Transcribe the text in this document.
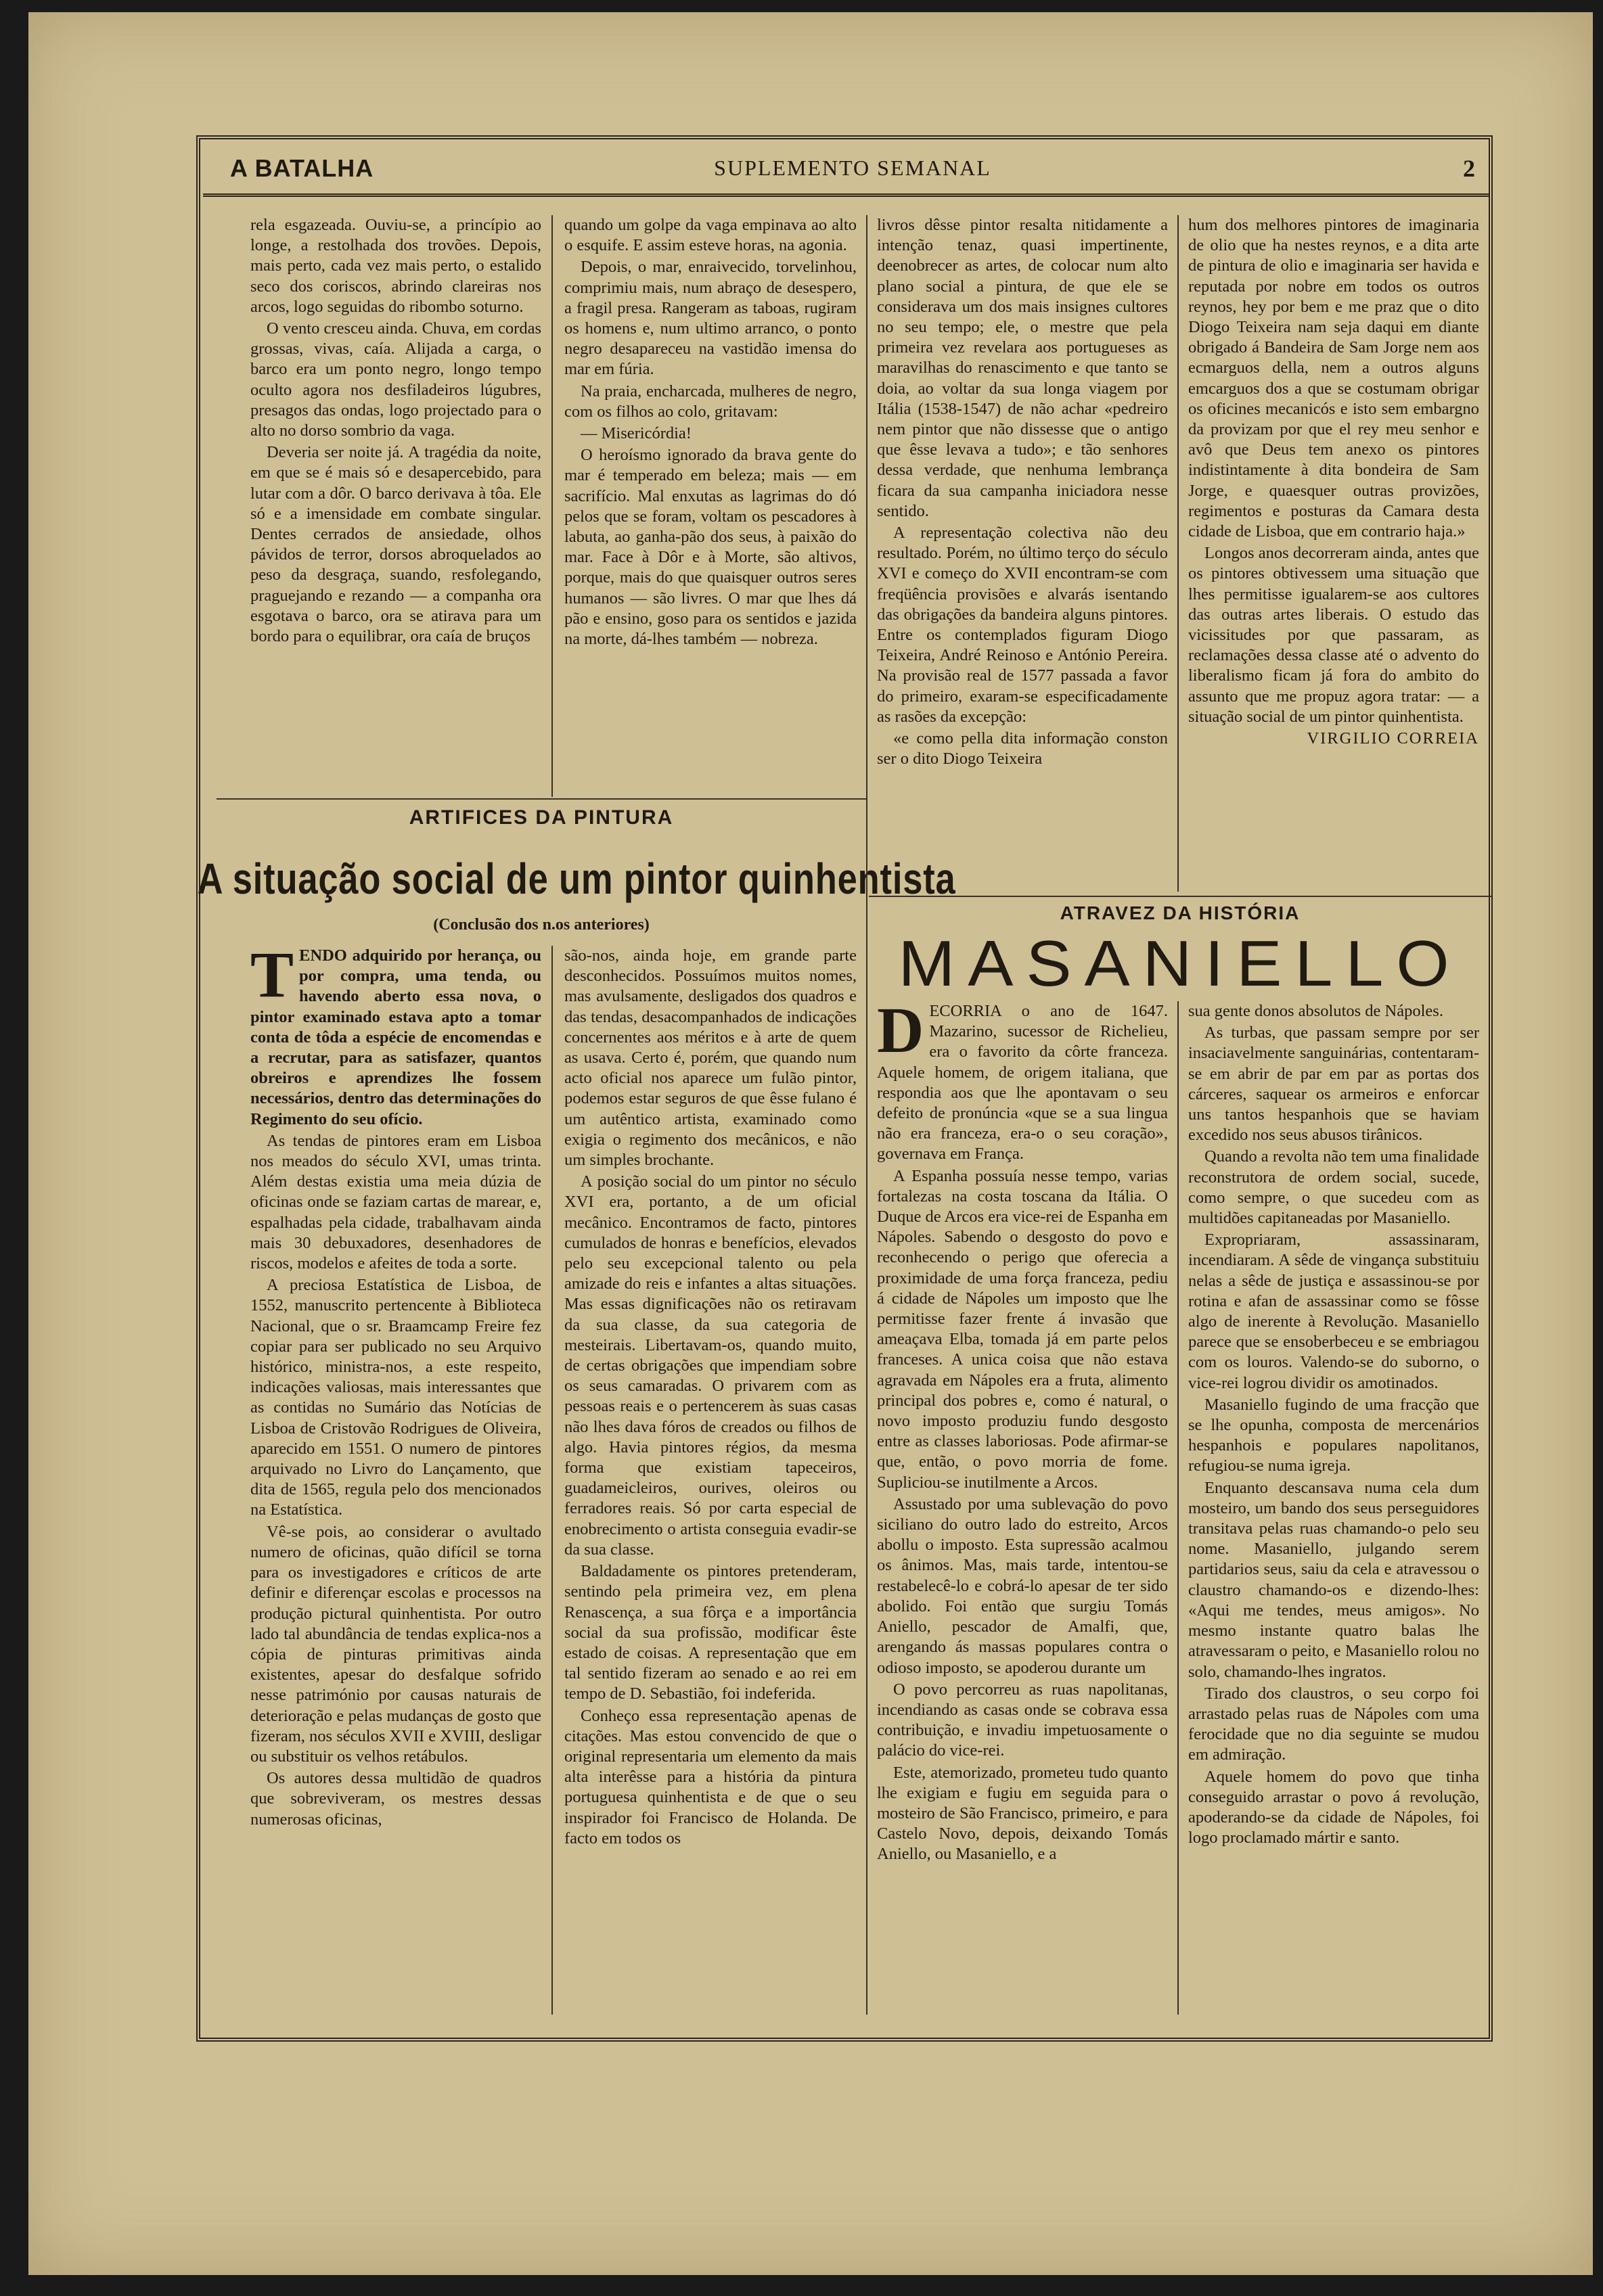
A BATALHA	SUPLEMENTO SEMANAL	2

rela esgazeada. Ouviu-se, a princípio ao longe, a restolhada dos trovões. Depois, mais perto, cada vez mais perto, o estalido seco dos coriscos, abrindo clareiras nos arcos, logo seguidas do ribombo soturno.

O vento cresceu ainda. Chuva, em cordas grossas, vivas, caía. Alijada a carga, o barco era um ponto negro, longo tempo oculto agora nos desfiladeiros lúgubres, presagos das ondas, logo projectado para o alto no dorso sombrio da vaga.

Deveria ser noite já. A tragédia da noite, em que se é mais só e desapercebido, para lutar com a dôr. O barco derivava à tôa. Ele só e a imensidade em combate singular. Dentes cerrados de ansiedade, olhos pávidos de terror, dorsos abroquelados ao peso da desgraça, suando, resfolegando, praguejando e rezando — a companha ora esgotava o barco, ora se atirava para um bordo para o equilibrar, ora caía de bruços

quando um golpe da vaga empinava ao alto o esquife. E assim esteve horas, na agonia.

Depois, o mar, enraivecido, torvelinhou, comprimiu mais, num abraço de desespero, a fragil presa. Rangeram as taboas, rugiram os homens e, num ultimo arranco, o ponto negro desapareceu na vastidão imensa do mar em fúria.

Na praia, encharcada, mulheres de negro, com os filhos ao colo, gritavam:

— Misericórdia!

O heroísmo ignorado da brava gente do mar é temperado em beleza; mais — em sacrifício. Mal enxutas as lagrimas do dó pelos que se foram, voltam os pescadores à labuta, ao ganha-pão dos seus, à paixão do mar. Face à Dôr e à Morte, são altivos, porque, mais do que quaisquer outros seres humanos — são livres. O mar que lhes dá pão e ensino, goso para os sentidos e jazida na morte, dá-lhes também — nobreza.

ARTIFICES DA PINTURA
A situação social de um pintor quinhentista
(Conclusão dos n.os anteriores)

TENDO adquirido por herança, ou por compra, uma tenda, ou havendo aberto essa nova, o pintor examinado estava apto a tomar conta de tôda a espécie de encomendas e a recrutar, para as satisfazer, quantos obreiros e aprendizes lhe fossem necessários, dentro das determinações do Regimento do seu ofício.

As tendas de pintores eram em Lisboa nos meados do século XVI, umas trinta. Além destas existia uma meia dúzia de oficinas onde se faziam cartas de marear, e, espalhadas pela cidade, trabalhavam ainda mais 30 debuxadores, desenhadores de riscos, modelos e afeites de toda a sorte.

A preciosa Estatística de Lisboa, de 1552, manuscrito pertencente à Biblioteca Nacional, que o sr. Braamcamp Freire fez copiar para ser publicado no seu Arquivo histórico, ministra-nos, a este respeito, indicações valiosas, mais interessantes que as contidas no Sumário das Notícias de Lisboa de Cristovão Rodrigues de Oliveira, aparecido em 1551. O numero de pintores arquivado no Livro do Lançamento, que dita de 1565, regula pelo dos mencionados na Estatística.

Vê-se pois, ao considerar o avultado numero de oficinas, quão difícil se torna para os investigadores e críticos de arte definir e diferençar escolas e processos na produção pictural quinhentista. Por outro lado tal abundância de tendas explica-nos a cópia de pinturas primitivas ainda existentes, apesar do desfalque sofrido nesse património por causas naturais de deterioração e pelas mudanças de gosto que fizeram, nos séculos XVII e XVIII, desligar ou substituir os velhos retábulos.

Os autores dessa multidão de quadros que sobreviveram, os mestres dessas numerosas oficinas,

são-nos, ainda hoje, em grande parte desconhecidos. Possuímos muitos nomes, mas avulsamente, desligados dos quadros e das tendas, desacompanhados de indicações concernentes aos méritos e à arte de quem as usava. Certo é, porém, que quando num acto oficial nos aparece um fulão pintor, podemos estar seguros de que êsse fulano é um autêntico artista, examinado como exigia o regimento dos mecânicos, e não um simples brochante.

A posição social do um pintor no século XVI era, portanto, a de um oficial mecânico. Encontramos de facto, pintores cumulados de honras e benefícios, elevados pelo seu excepcional talento ou pela amizade do reis e infantes a altas situações. Mas essas dignificações não os retiravam da sua classe, da sua categoria de mesteirais. Libertavam-os, quando muito, de certas obrigações que impendiam sobre os seus camaradas. O privarem com as pessoas reais e o pertencerem às suas casas não lhes dava fóros de creados ou filhos de algo. Havia pintores régios, da mesma forma que existiam tapeceiros, guadameicleiros, ourives, oleiros ou ferradores reais. Só por carta especial de enobrecimento o artista conseguia evadir-se da sua classe.

Baldadamente os pintores pretenderam, sentindo pela primeira vez, em plena Renascença, a sua fôrça e a importância social da sua profissão, modificar êste estado de coisas. A representação que em tal sentido fizeram ao senado e ao rei em tempo de D. Sebastião, foi indeferida.

Conheço essa representação apenas de citações. Mas estou convencido de que o original representaria um elemento da mais alta interêsse para a história da pintura portuguesa quinhentista e de que o seu inspirador foi Francisco de Holanda. De facto em todos os

livros dêsse pintor resalta nitidamente a intenção tenaz, quasi impertinente, deenobrecer as artes, de colocar num alto plano social a pintura, de que ele se considerava um dos mais insignes cultores no seu tempo; ele, o mestre que pela primeira vez revelara aos portugueses as maravilhas do renascimento e que tanto se doia, ao voltar da sua longa viagem por Itália (1538-1547) de não achar «pedreiro nem pintor que não dissesse que o antigo que êsse levava a tudo»; e tão senhores dessa verdade, que nenhuma lembrança ficara da sua campanha iniciadora nesse sentido.

A representação colectiva não deu resultado. Porém, no último terço do século XVI e começo do XVII encontram-se com freqüência provisões e alvarás isentando das obrigações da bandeira alguns pintores. Entre os contemplados figuram Diogo Teixeira, André Reinoso e António Pereira. Na provisão real de 1577 passada a favor do primeiro, exaram-se especificadamente as rasões da excepção:

«e como pella dita informação conston ser o dito Diogo Teixeira

hum dos melhores pintores de imaginaria de olio que ha nestes reynos, e a dita arte de pintura de olio e imaginaria ser havida e reputada por nobre em todos os outros reynos, hey por bem e me praz que o dito Diogo Teixeira nam seja daqui em diante obrigado á Bandeira de Sam Jorge nem aos ecmarguos della, nem a outros alguns emcarguos dos a que se costumam obrigar os oficines mecanicós e isto sem embargno da provizam por que el rey meu senhor e avô que Deus tem anexo os pintores indistintamente à dita bondeira de Sam Jorge, e quaesquer outras provizões, regimentos e posturas da Camara desta cidade de Lisboa, que em contrario haja.»

Longos anos decorreram ainda, antes que os pintores obtivessem uma situação que lhes permitisse igualarem-se aos cultores das outras artes liberais. O estudo das vicissitudes por que passaram, as reclamações dessa classe até o advento do liberalismo ficam já fora do ambito do assunto que me propuz agora tratar: — a situação social de um pintor quinhentista.

VIRGILIO CORREIA
ATRAVEZ DA HISTÓRIA
MASANIELLO

DECORRIA o ano de 1647. Mazarino, sucessor de Richelieu, era o favorito da côrte franceza. Aquele homem, de origem italiana, que respondia aos que lhe apontavam o seu defeito de pronúncia «que se a sua lingua não era franceza, era-o o seu coração», governava em França.

A Espanha possuía nesse tempo, varias fortalezas na costa toscana da Itália. O Duque de Arcos era vice-rei de Espanha em Nápoles. Sabendo o desgosto do povo e reconhecendo o perigo que oferecia a proximidade de uma força franceza, pediu á cidade de Nápoles um imposto que lhe permitisse fazer frente á invasão que ameaçava Elba, tomada já em parte pelos franceses. A unica coisa que não estava agravada em Nápoles era a fruta, alimento principal dos pobres e, como é natural, o novo imposto produziu fundo desgosto entre as classes laboriosas. Pode afirmar-se que, então, o povo morria de fome. Supliciou-se inutilmente a Arcos.

Assustado por uma sublevação do povo siciliano do outro lado do estreito, Arcos abollu o imposto. Esta supressão acalmou os ânimos. Mas, mais tarde, intentou-se restabelecê-lo e cobrá-lo apesar de ter sido abolido. Foi então que surgiu Tomás Aniello, pescador de Amalfi, que, arengando ás massas populares contra o odioso imposto, se apoderou durante um

O povo percorreu as ruas napolitanas, incendiando as casas onde se cobrava essa contribuição, e invadiu impetuosamente o palácio do vice-rei.

Este, atemorizado, prometeu tudo quanto lhe exigiam e fugiu em seguida para o mosteiro de São Francisco, primeiro, e para Castelo Novo, depois, deixando Tomás Aniello, ou Masaniello, e a

sua gente donos absolutos de Nápoles.

As turbas, que passam sempre por ser insaciavelmente sanguinárias, contentaram-se em abrir de par em par as portas dos cárceres, saquear os armeiros e enforcar uns tantos hespanhois que se haviam excedido nos seus abusos tirânicos.

Quando a revolta não tem uma finalidade reconstrutora de ordem social, sucede, como sempre, o que sucedeu com as multidões capitaneadas por Masaniello.

Expropriaram, assassinaram, incendiaram. A sêde de vingança substituiu nelas a sêde de justiça e assassinou-se por rotina e afan de assassinar como se fôsse algo de inerente à Revolução. Masaniello parece que se ensoberbeceu e se embriagou com os louros. Valendo-se do suborno, o vice-rei logrou dividir os amotinados.

Masaniello fugindo de uma fracção que se lhe opunha, composta de mercenários hespanhois e populares napolitanos, refugiou-se numa igreja.

Enquanto descansava numa cela dum mosteiro, um bando dos seus perseguidores transitava pelas ruas chamando-o pelo seu nome. Masaniello, julgando serem partidarios seus, saiu da cela e atravessou o claustro chamando-os e dizendo-lhes: «Aqui me tendes, meus amigos». No mesmo instante quatro balas lhe atravessaram o peito, e Masaniello rolou no solo, chamando-lhes ingratos.

Tirado dos claustros, o seu corpo foi arrastado pelas ruas de Nápoles com uma ferocidade que no dia seguinte se mudou em admiração.

Aquele homem do povo que tinha conseguido arrastar o povo á revolução, apoderando-se da cidade de Nápoles, foi logo proclamado mártir e santo.
